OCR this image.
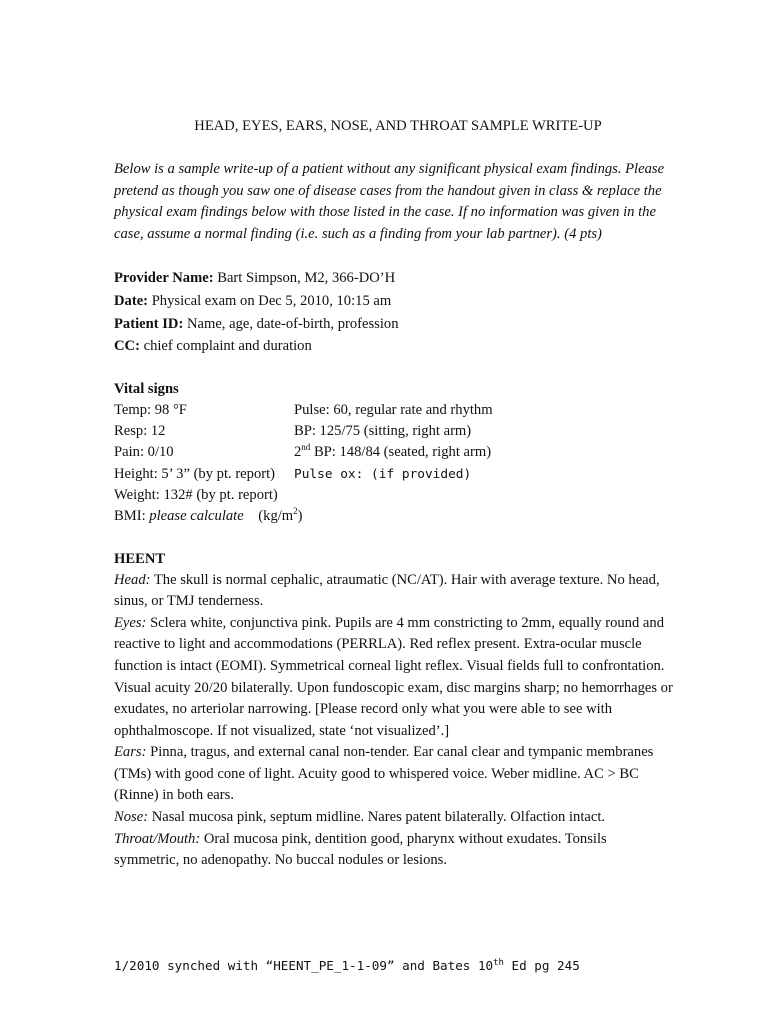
HEAD, EYES, EARS, NOSE, AND THROAT SAMPLE WRITE-UP

Below is a sample write-up of a patient without any significant physical exam findings. Please pretend as though you saw one of disease cases from the handout given in class & replace the physical exam findings below with those listed in the case. If no information was given in the case, assume a normal finding (i.e. such as a finding from your lab partner). (4 pts)

Provider Name: Bart Simpson, M2, 366-DO’H

Date: Physical exam on Dec 5, 2010, 10:15 am

Patient ID: Name, age, date-of-birth, profession

CC: chief complaint and duration

Vital signs

Temp: 98 °F	Pulse: 60, regular rate and rhythm
Resp: 12	BP: 125/75 (sitting, right arm)
Pain: 0/10	2nd BP: 148/84 (seated, right arm)
Height: 5’ 3” (by pt. report)	Pulse ox: (if provided)
Weight: 132# (by pt. report)
BMI: please calculate    $(kg/m^2)$

HEENT

Head: The skull is normal cephalic, atraumatic (NC/AT). Hair with average texture. No head, sinus, or TMJ tenderness.

Eyes: Sclera white, conjunctiva pink. Pupils are 4 mm constricting to 2mm, equally round and reactive to light and accommodations (PERRLA). Red reflex present. Extra-ocular muscle function is intact (EOMI). Symmetrical corneal light reflex. Visual fields full to confrontation. Visual acuity 20/20 bilaterally. Upon fundoscopic exam, disc margins sharp; no hemorrhages or exudates, no arteriolar narrowing. [Please record only what you were able to see with ophthalmoscope. If not visualized, state ‘not visualized’.]

Ears: Pinna, tragus, and external canal non-tender. Ear canal clear and tympanic membranes (TMs) with good cone of light. Acuity good to whispered voice. Weber midline. AC > BC (Rinne) in both ears.

Nose: Nasal mucosa pink, septum midline. Nares patent bilaterally. Olfaction intact.

Throat/Mouth: Oral mucosa pink, dentition good, pharynx without exudates. Tonsils symmetric, no adenopathy. No buccal nodules or lesions.

1/2010 synched with “HEENT_PE_1-1-09” and Bates 10th Ed pg 245
